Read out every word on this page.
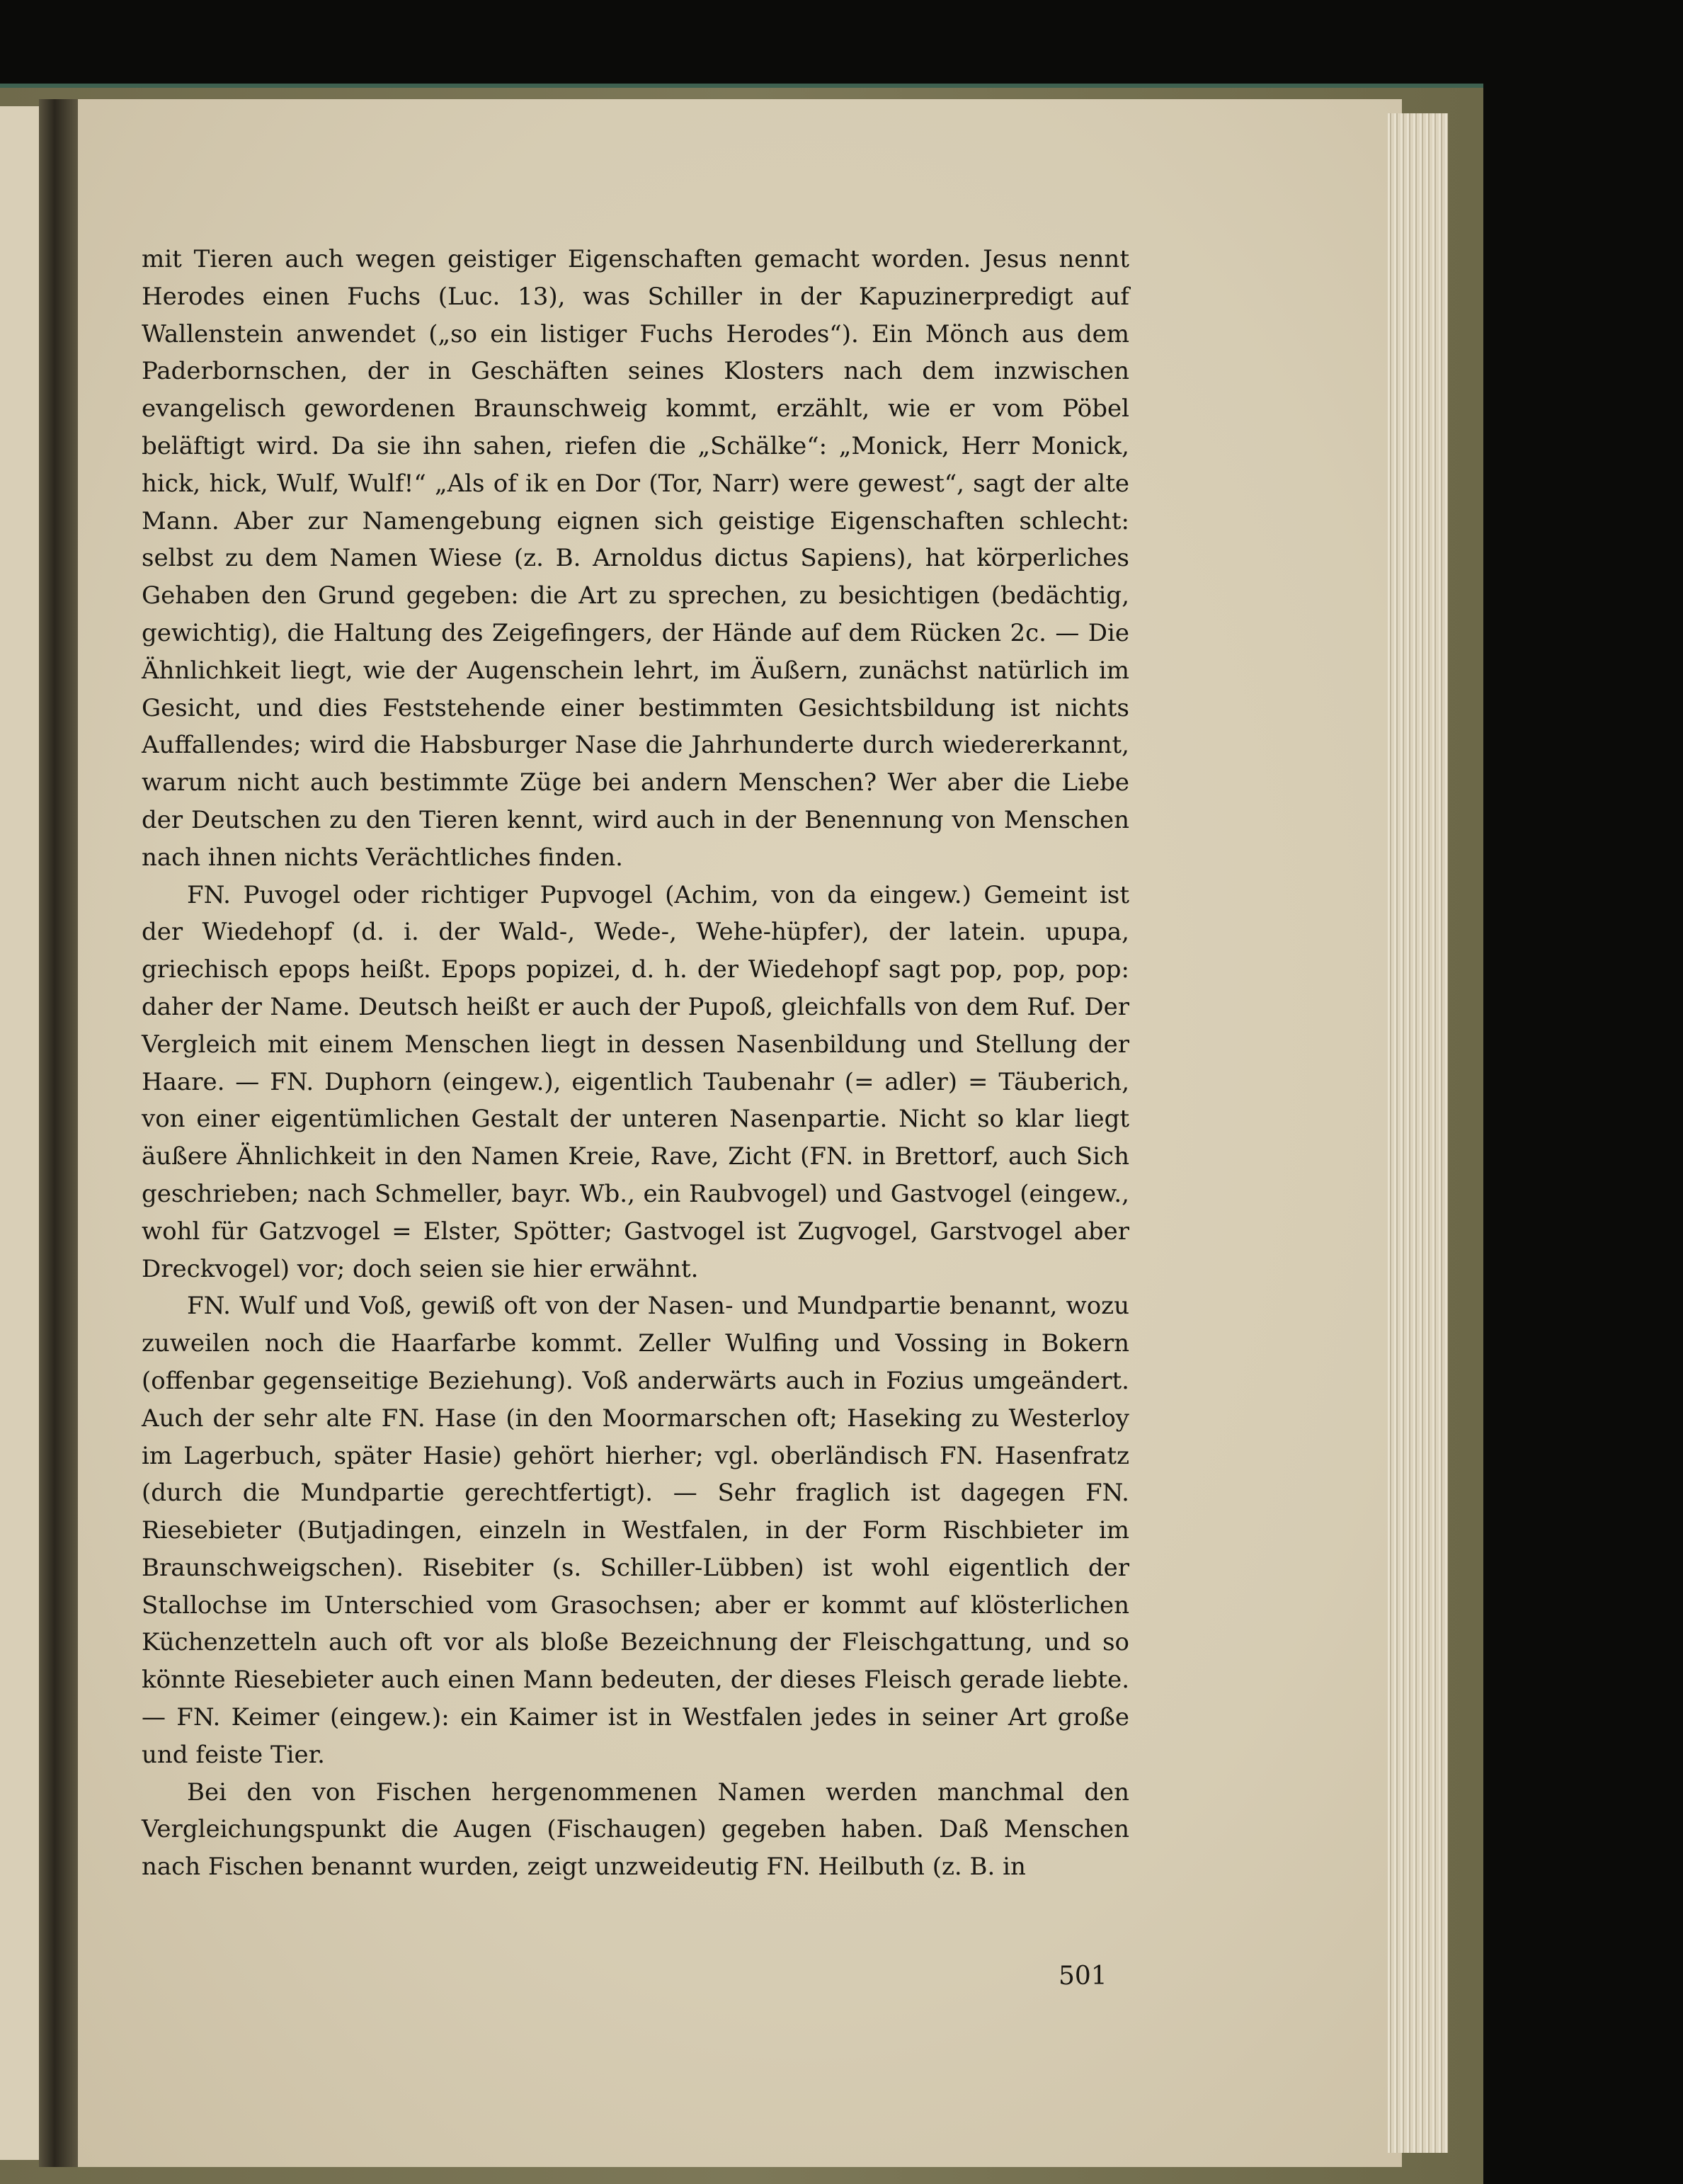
mit Tieren auch wegen geistiger Eigenschaften gemacht worden. Jesus nennt Herodes einen Fuchs (Luc. 13), was Schiller in der Kapuzinerpredigt auf Wallenstein anwendet („so ein listiger Fuchs Herodes“). Ein Mönch aus dem Paderbornschen, der in Geschäften seines Klosters nach dem inzwischen evangelisch gewordenen Braunschweig kommt, erzählt, wie er vom Pöbel beläftigt wird. Da sie ihn sahen, riefen die „Schälke“: „Monick, Herr Monick, hick, hick, Wulf, Wulf!“ „Als of ik en Dor (Tor, Narr) were gewest“, sagt der alte Mann. Aber zur Namengebung eignen sich geistige Eigenschaften schlecht: selbst zu dem Namen Wiese (z. B. Arnoldus dictus Sapiens), hat körperliches Gehaben den Grund gegeben: die Art zu sprechen, zu besichtigen (bedächtig, gewichtig), die Haltung des Zeigefingers, der Hände auf dem Rücken 2c. — Die Ähnlichkeit liegt, wie der Augenschein lehrt, im Äußern, zunächst natürlich im Gesicht, und dies Feststehende einer bestimmten Gesichtsbildung ist nichts Auffallendes; wird die Habsburger Nase die Jahrhunderte durch wiedererkannt, warum nicht auch bestimmte Züge bei andern Menschen? Wer aber die Liebe der Deutschen zu den Tieren kennt, wird auch in der Benennung von Menschen nach ihnen nichts Verächtliches finden.

FN. Puvogel oder richtiger Pupvogel (Achim, von da eingew.) Gemeint ist der Wiedehopf (d. i. der Wald-, Wede-, Wehe-hüpfer), der latein. upupa, griechisch epops heißt. Epops popizei, d. h. der Wiedehopf sagt pop, pop, pop: daher der Name. Deutsch heißt er auch der Pupoß, gleichfalls von dem Ruf. Der Vergleich mit einem Menschen liegt in dessen Nasenbildung und Stellung der Haare. — FN. Duphorn (eingew.), eigentlich Taubenahr (= adler) = Täuberich, von einer eigentümlichen Gestalt der unteren Nasenpartie. Nicht so klar liegt äußere Ähnlichkeit in den Namen Kreie, Rave, Zicht (FN. in Brettorf, auch Sich geschrieben; nach Schmeller, bayr. Wb., ein Raubvogel) und Gastvogel (eingew., wohl für Gatzvogel = Elster, Spötter; Gastvogel ist Zugvogel, Garstvogel aber Dreckvogel) vor; doch seien sie hier erwähnt.

FN. Wulf und Voß, gewiß oft von der Nasen- und Mundpartie benannt, wozu zuweilen noch die Haarfarbe kommt. Zeller Wulfing und Vossing in Bokern (offenbar gegenseitige Beziehung). Voß anderwärts auch in Fozius umgeändert. Auch der sehr alte FN. Hase (in den Moormarschen oft; Haseking zu Westerloy im Lagerbuch, später Hasie) gehört hierher; vgl. oberländisch FN. Hasenfratz (durch die Mundpartie gerechtfertigt). — Sehr fraglich ist dagegen FN. Riesebieter (Butjadingen, einzeln in Westfalen, in der Form Rischbieter im Braunschweigschen). Risebiter (s. Schiller-Lübben) ist wohl eigentlich der Stallochse im Unterschied vom Grasochsen; aber er kommt auf klösterlichen Küchenzetteln auch oft vor als bloße Bezeichnung der Fleischgattung, und so könnte Riesebieter auch einen Mann bedeuten, der dieses Fleisch gerade liebte. — FN. Keimer (eingew.): ein Kaimer ist in Westfalen jedes in seiner Art große und feiste Tier.

Bei den von Fischen hergenommenen Namen werden manchmal den Vergleichungspunkt die Augen (Fischaugen) gegeben haben. Daß Menschen nach Fischen benannt wurden, zeigt unzweideutig FN. Heilbuth (z. B. in

501
